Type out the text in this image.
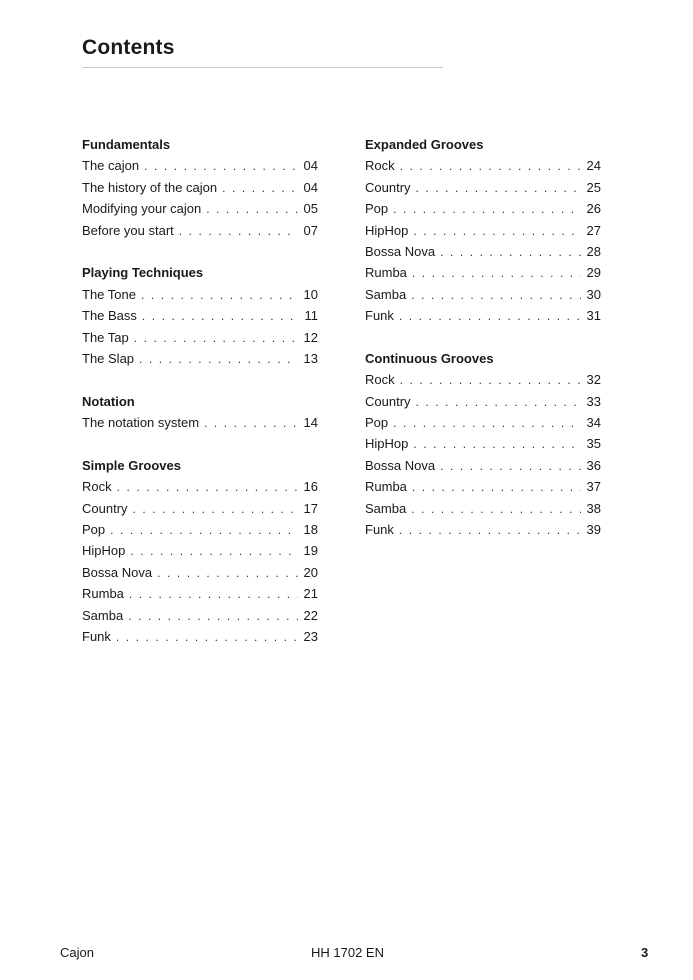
Contents
Fundamentals
The cajon . . .	04
The history of the cajon . . .	04
Modifying your cajon . . .	05
Before you start . . .	07
Playing Techniques
The Tone . . .	10
The Bass . . .	11
The Tap . . .	12
The Slap . . .	13
Notation
The notation system . . .	14
Simple Grooves
Rock . . .	16
Country . . .	17
Pop . . .	18
HipHop . . .	19
Bossa Nova . . .	20
Rumba . . .	21
Samba . . .	22
Funk . . .	23
Expanded Grooves
Rock . . .	24
Country . . .	25
Pop . . .	26
HipHop . . .	27
Bossa Nova . . .	28
Rumba . . .	29
Samba . . .	30
Funk . . .	31
Continuous Grooves
Rock . . .	32
Country . . .	33
Pop . . .	34
HipHop . . .	35
Bossa Nova . . .	36
Rumba . . .	37
Samba . . .	38
Funk . . .	39
Cajon	HH 1702 EN	3
